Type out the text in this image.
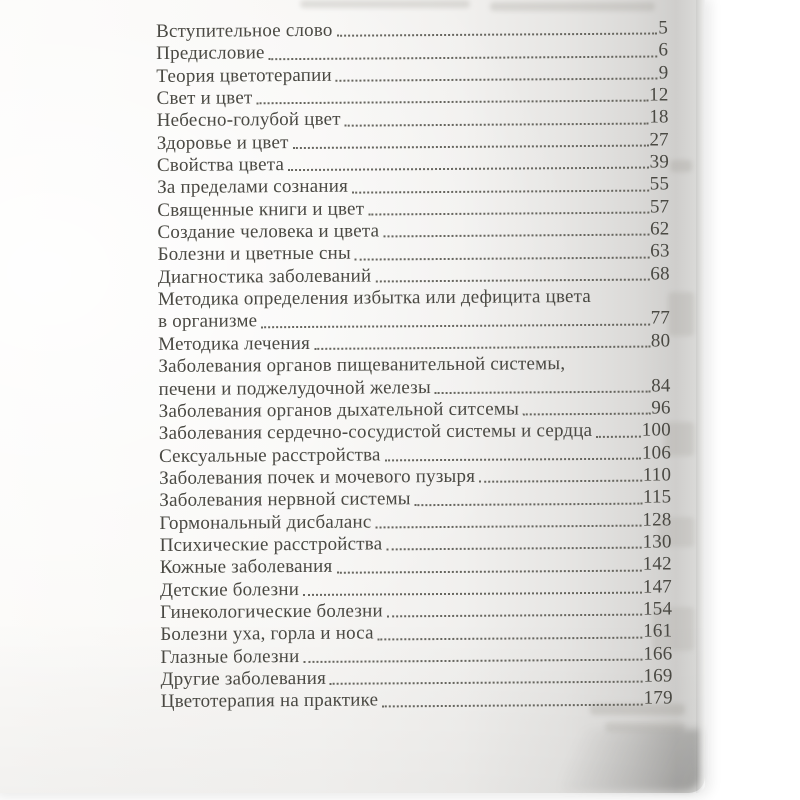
Вступительное слово	5
Предисловие	6
Теория цветотерапии	9
Свет и цвет	12
Небесно-голубой цвет	18
Здоровье и цвет	27
Свойства цвета	39
За пределами сознания	55
Священные книги и цвет	57
Создание человека и цвета	62
Болезни и цветные сны	63
Диагностика заболеваний	68
Методика определения избытка или дефицита цвета
в организме	77
Методика лечения	80
Заболевания органов пищеванительной системы,
печени и поджелудочной железы	84
Заболевания органов дыхательной ситсемы	96
Заболевания сердечно-сосудистой системы и сердца	100
Сексуальные расстройства	106
Заболевания почек и мочевого пузыря	110
Заболевания нервной системы	115
Гормональный дисбаланс	128
Психические расстройства	130
Кожные заболевания	142
Детские болезни	147
Гинекологические болезни	154
Болезни уха, горла и носа	161
Глазные болезни	166
Другие заболевания	169
Цветотерапия на практике	179
